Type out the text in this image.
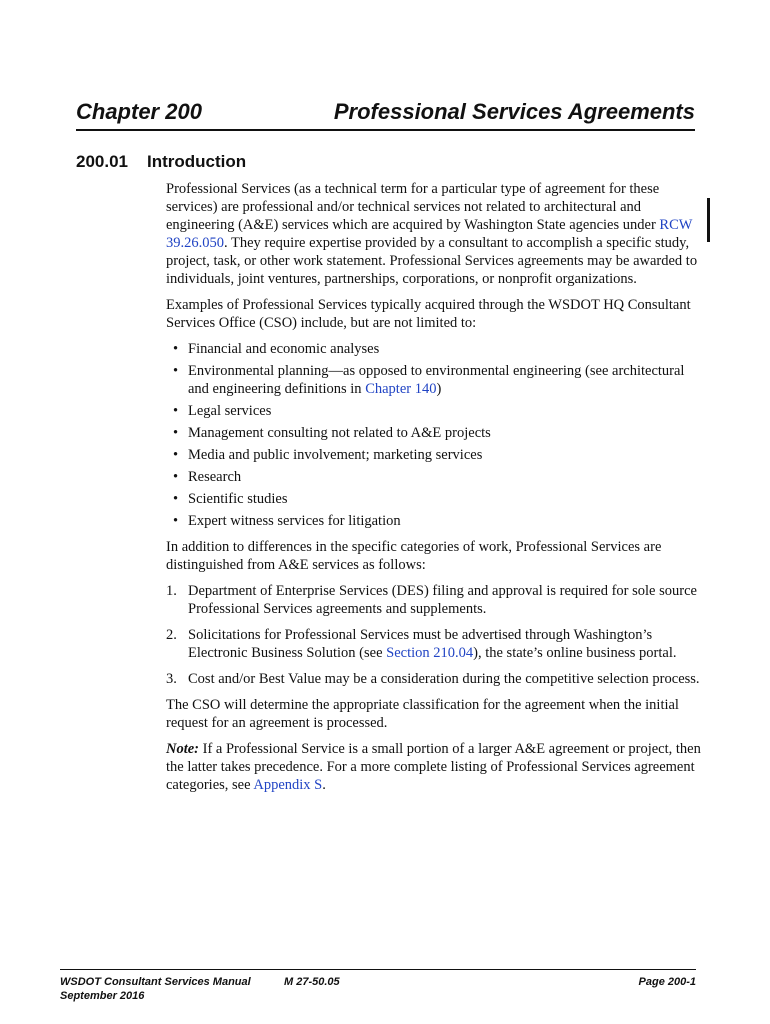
Chapter 200	Professional Services Agreements
200.01 Introduction

Professional Services (as a technical term for a particular type of agreement for these services) are professional and/or technical services not related to architectural and engineering (A&E) services which are acquired by Washington State agencies under RCW 39.26.050. They require expertise provided by a consultant to accomplish a specific study, project, task, or other work statement. Professional Services agreements may be awarded to individuals, joint ventures, partnerships, corporations, or nonprofit organizations.

Examples of Professional Services typically acquired through the WSDOT HQ Consultant Services Office (CSO) include, but are not limited to:

• Financial and economic analyses
• Environmental planning—as opposed to environmental engineering (see architectural and engineering definitions in Chapter 140)
• Legal services
• Management consulting not related to A&E projects
• Media and public involvement; marketing services
• Research
• Scientific studies
• Expert witness services for litigation

In addition to differences in the specific categories of work, Professional Services are distinguished from A&E services as follows:

1. Department of Enterprise Services (DES) filing and approval is required for sole source Professional Services agreements and supplements.
2. Solicitations for Professional Services must be advertised through Washington’s Electronic Business Solution (see Section 210.04), the state’s online business portal.
3. Cost and/or Best Value may be a consideration during the competitive selection process.

The CSO will determine the appropriate classification for the agreement when the initial request for an agreement is processed.

Note: If a Professional Service is a small portion of a larger A&E agreement or project, then the latter takes precedence. For a more complete listing of Professional Services agreement categories, see Appendix S.

WSDOT Consultant Services Manual	M 27-50.05	Page 200-1
September 2016
